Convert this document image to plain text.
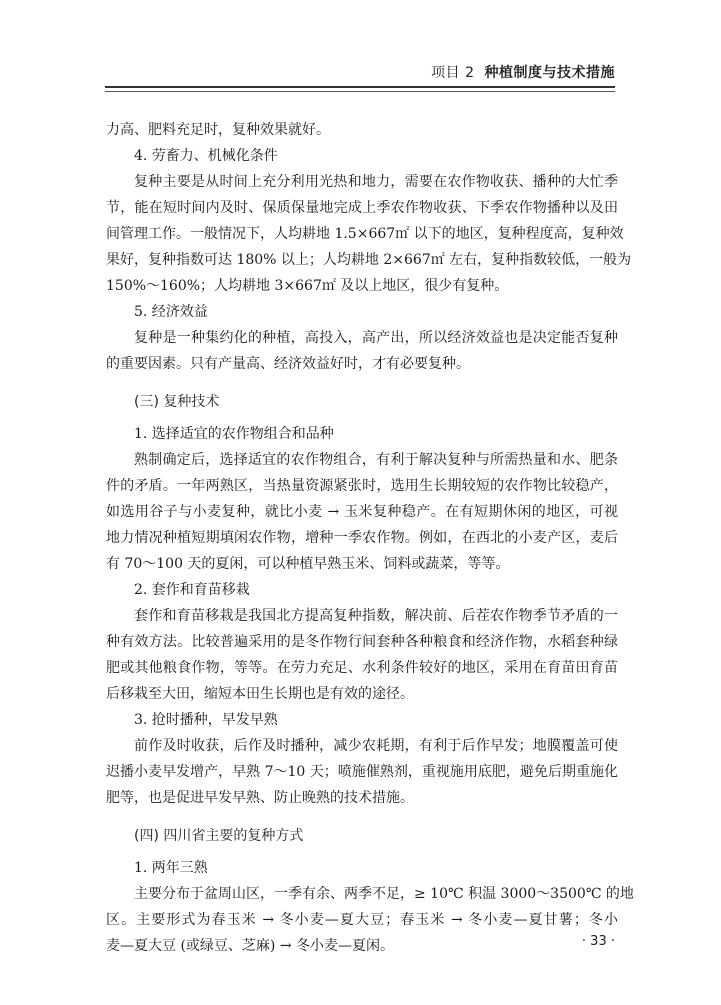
项目 2 种植制度与技术措施
力高、肥料充足时，复种效果就好。
4. 劳畜力、机械化条件
复种主要是从时间上充分利用光热和地力，需要在农作物收获、播种的大忙季
节，能在短时间内及时、保质保量地完成上季农作物收获、下季农作物播种以及田
间管理工作。一般情况下，人均耕地 1.5×667㎡ 以下的地区，复种程度高，复种效
果好，复种指数可达 180% 以上；人均耕地 2×667㎡ 左右，复种指数较低，一般为
150%～160%；人均耕地 3×667㎡ 及以上地区，很少有复种。
5. 经济效益
复种是一种集约化的种植，高投入，高产出，所以经济效益也是决定能否复种
的重要因素。只有产量高、经济效益好时，才有必要复种。
(三) 复种技术
1. 选择适宜的农作物组合和品种
熟制确定后，选择适宜的农作物组合，有利于解决复种与所需热量和水、肥条
件的矛盾。一年两熟区，当热量资源紧张时，选用生长期较短的农作物比较稳产，
如选用谷子与小麦复种，就比小麦 → 玉米复种稳产。在有短期休闲的地区，可视
地力情况种植短期填闲农作物，增种一季农作物。例如，在西北的小麦产区，麦后
有 70～100 天的夏闲，可以种植早熟玉米、饲料或蔬菜，等等。
2. 套作和育苗移栽
套作和育苗移栽是我国北方提高复种指数，解决前、后茬农作物季节矛盾的一
种有效方法。比较普遍采用的是冬作物行间套种各种粮食和经济作物，水稻套种绿
肥或其他粮食作物，等等。在劳力充足、水利条件较好的地区，采用在育苗田育苗
后移栽至大田，缩短本田生长期也是有效的途径。
3. 抢时播种，早发早熟
前作及时收获，后作及时播种，减少农耗期，有利于后作早发；地膜覆盖可使
迟播小麦早发增产，早熟 7～10 天；喷施催熟剂，重视施用底肥，避免后期重施化
肥等，也是促进早发早熟、防止晚熟的技术措施。
(四) 四川省主要的复种方式
1. 两年三熟
主要分布于盆周山区，一季有余、两季不足，≥ 10℃ 积温 3000～3500℃ 的地
区。主要形式为春玉米 → 冬小麦—夏大豆；春玉米 → 冬小麦—夏甘薯；冬小
麦—夏大豆 (或绿豆、芝麻) → 冬小麦—夏闲。	· 33 ·
